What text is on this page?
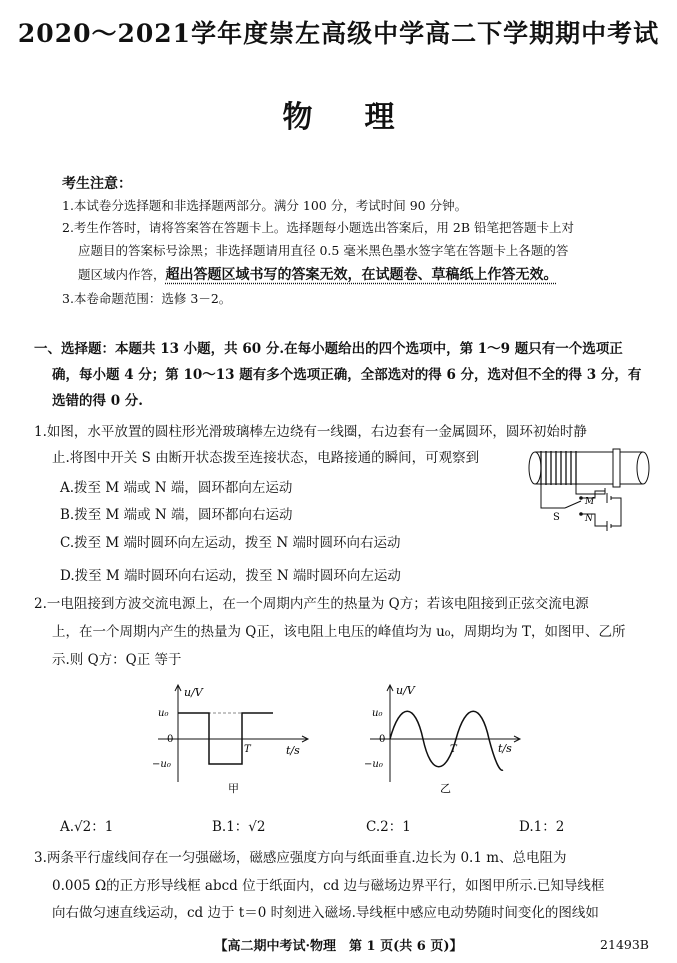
2020～2021学年度崇左高级中学高二下学期期中考试
物 理
考生注意：
1.本试卷分选择题和非选择题两部分。满分 100 分，考试时间 90 分钟。
2.考生作答时，请将答案答在答题卡上。选择题每小题选出答案后，用 2B 铅笔把答题卡上对
应题目的答案标号涂黑；非选择题请用直径 0.5 毫米黑色墨水签字笔在答题卡上各题的答
题区域内作答，超出答题区域书写的答案无效，在试题卷、草稿纸上作答无效。
3.本卷命题范围：选修 3－2。
一、选择题：本题共 13 小题，共 60 分.在每小题给出的四个选项中，第 1～9 题只有一个选项正
确，每小题 4 分；第 10～13 题有多个选项正确，全部选对的得 6 分，选对但不全的得 3 分，有
选错的得 0 分.
1.如图，水平放置的圆柱形光滑玻璃棒左边绕有一线圈，右边套有一金属圆环，圆环初始时静
止.将图中开关 S 由断开状态拨至连接状态，电路接通的瞬间，可观察到
A.拨至 M 端或 N 端，圆环都向左运动
B.拨至 M 端或 N 端，圆环都向右运动
C.拨至 M 端时圆环向左运动，拨至 N 端时圆环向右运动
D.拨至 M 端时圆环向右运动，拨至 N 端时圆环向左运动
S
M
N
2.一电阻接到方波交流电源上，在一个周期内产生的热量为 Q方；若该电阻接到正弦交流电源
上，在一个周期内产生的热量为 Q正，该电阻上电压的峰值均为 u₀，周期均为 T，如图甲、乙所
示.则 Q方：Q正 等于
u/V
t/s
u₀
−u₀
0
T
甲
u/V
t/s
u₀
−u₀
0
T
乙
A.√2：1	B.1：√2	C.2：1	D.1：2
3.两条平行虚线间存在一匀强磁场，磁感应强度方向与纸面垂直.边长为 0.1 m、总电阻为
0.005 Ω的正方形导线框 abcd 位于纸面内，cd 边与磁场边界平行，如图甲所示.已知导线框
向右做匀速直线运动，cd 边于 t＝0 时刻进入磁场.导线框中感应电动势随时间变化的图线如
【高二期中考试·物理　第 1 页(共 6 页)】	21493B
